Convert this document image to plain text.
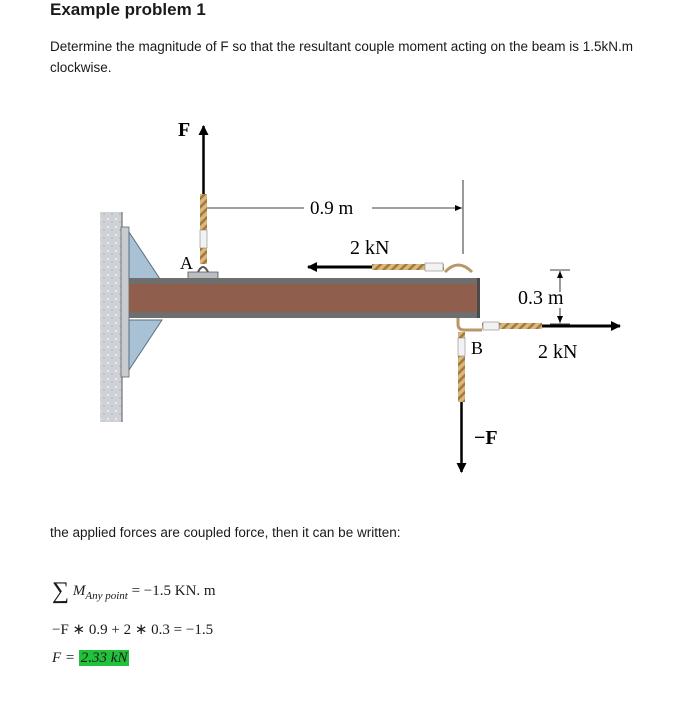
Example problem 1
Determine the magnitude of F so that the resultant couple moment acting on the beam is 1.5kN.m clockwise.
F
A
0.9 m
2 kN
2 kN
B
0.3 m
−F
the applied forces are coupled force, then it can be written:
∑ $M_{Any point} = -1.5$ KN. m
−F ∗ 0.9 + 2 ∗ 0.3 = −1.5
F = 2.33 kN
